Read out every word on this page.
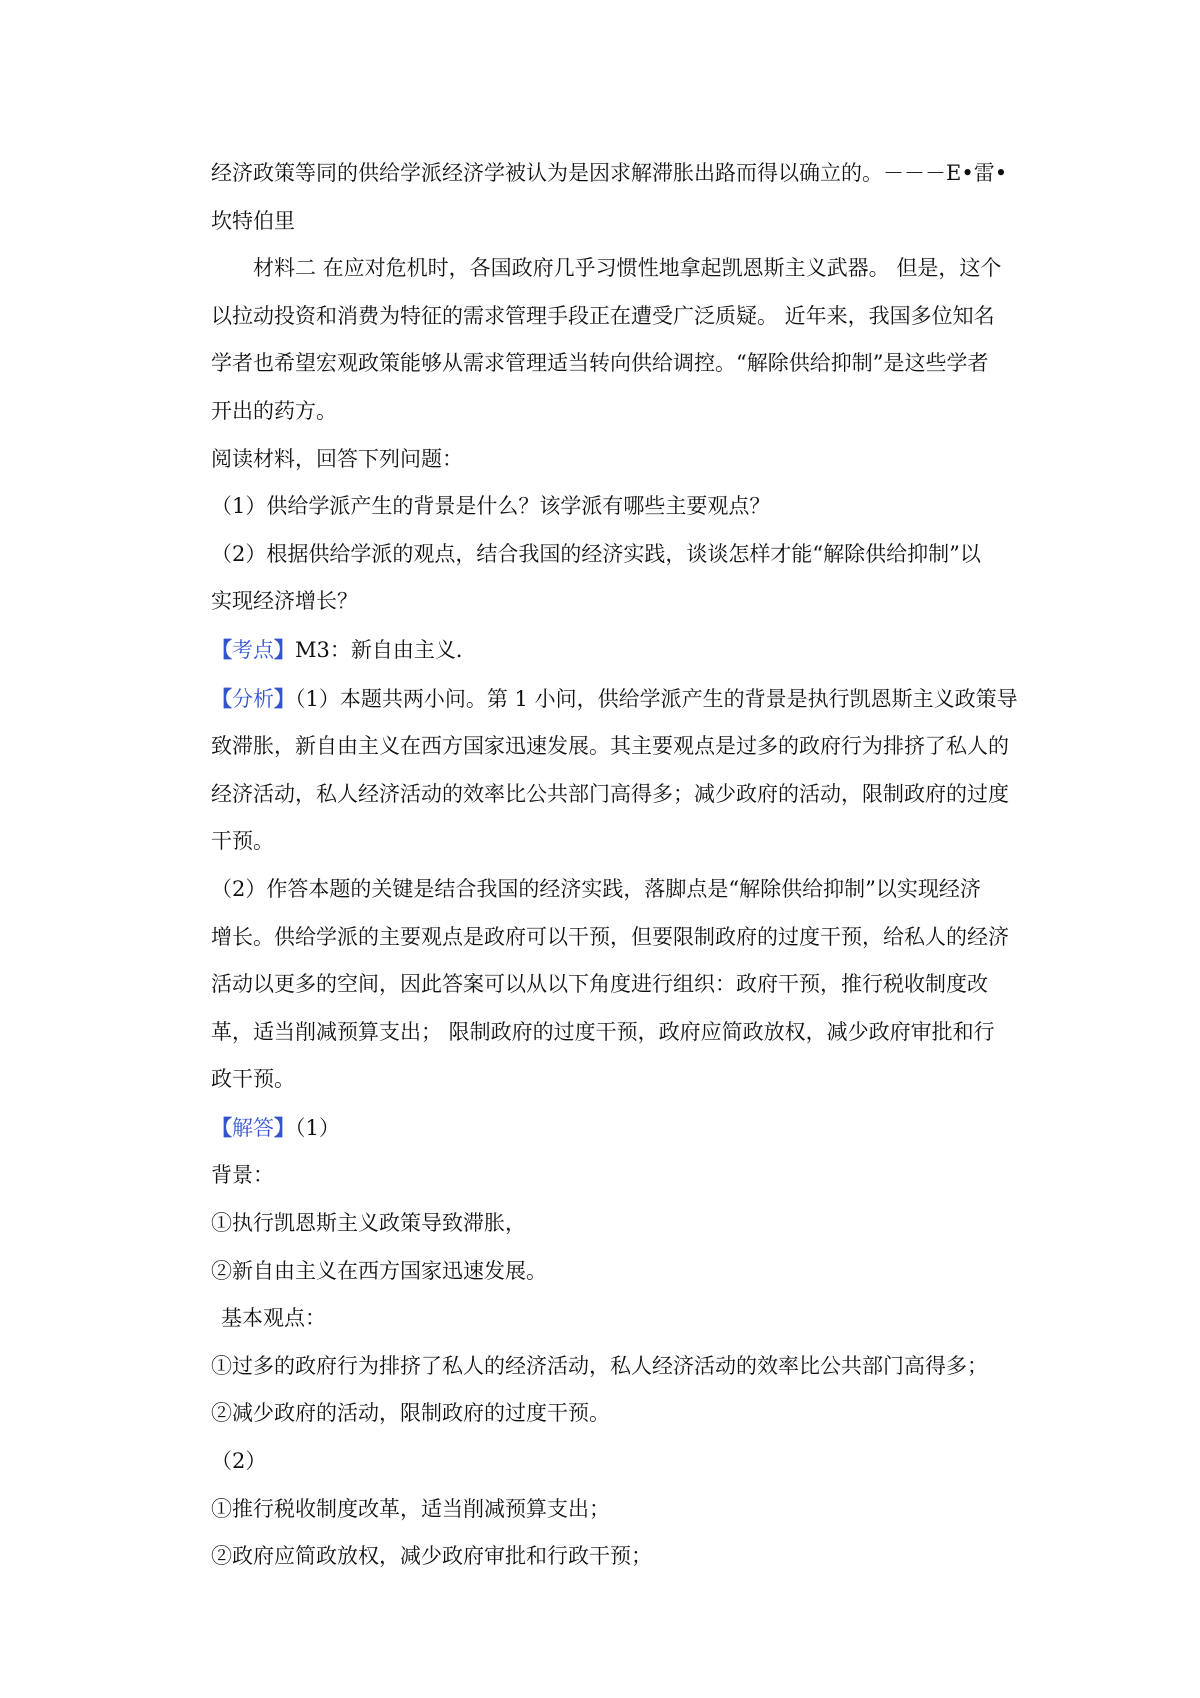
经济政策等同的供给学派经济学被认为是因求解滞胀出路而得以确立的。－－－E•雷•

坎特伯里

材料二 在应对危机时，各国政府几乎习惯性地拿起凯恩斯主义武器。 但是，这个

以拉动投资和消费为特征的需求管理手段正在遭受广泛质疑。 近年来，我国多位知名

学者也希望宏观政策能够从需求管理适当转向供给调控。“解除供给抑制”是这些学者

开出的药方。

阅读材料，回答下列问题：

（1）供给学派产生的背景是什么？该学派有哪些主要观点？

（2）根据供给学派的观点，结合我国的经济实践，谈谈怎样才能“解除供给抑制”以

实现经济增长？

【考点】M3：新自由主义．

【分析】（1）本题共两小问。第 1 小问，供给学派产生的背景是执行凯恩斯主义政策导

致滞胀，新自由主义在西方国家迅速发展。其主要观点是过多的政府行为排挤了私人的

经济活动，私人经济活动的效率比公共部门高得多；减少政府的活动，限制政府的过度

干预。

（2）作答本题的关键是结合我国的经济实践，落脚点是“解除供给抑制”以实现经济

增长。供给学派的主要观点是政府可以干预，但要限制政府的过度干预，给私人的经济

活动以更多的空间，因此答案可以从以下角度进行组织：政府干预，推行税收制度改

革，适当削减预算支出； 限制政府的过度干预，政府应简政放权，减少政府审批和行

政干预。

【解答】（1）

背景：

①执行凯恩斯主义政策导致滞胀，

②新自由主义在西方国家迅速发展。

基本观点：

①过多的政府行为排挤了私人的经济活动，私人经济活动的效率比公共部门高得多；

②减少政府的活动，限制政府的过度干预。

（2）

①推行税收制度改革，适当削减预算支出；

②政府应简政放权，减少政府审批和行政干预；
